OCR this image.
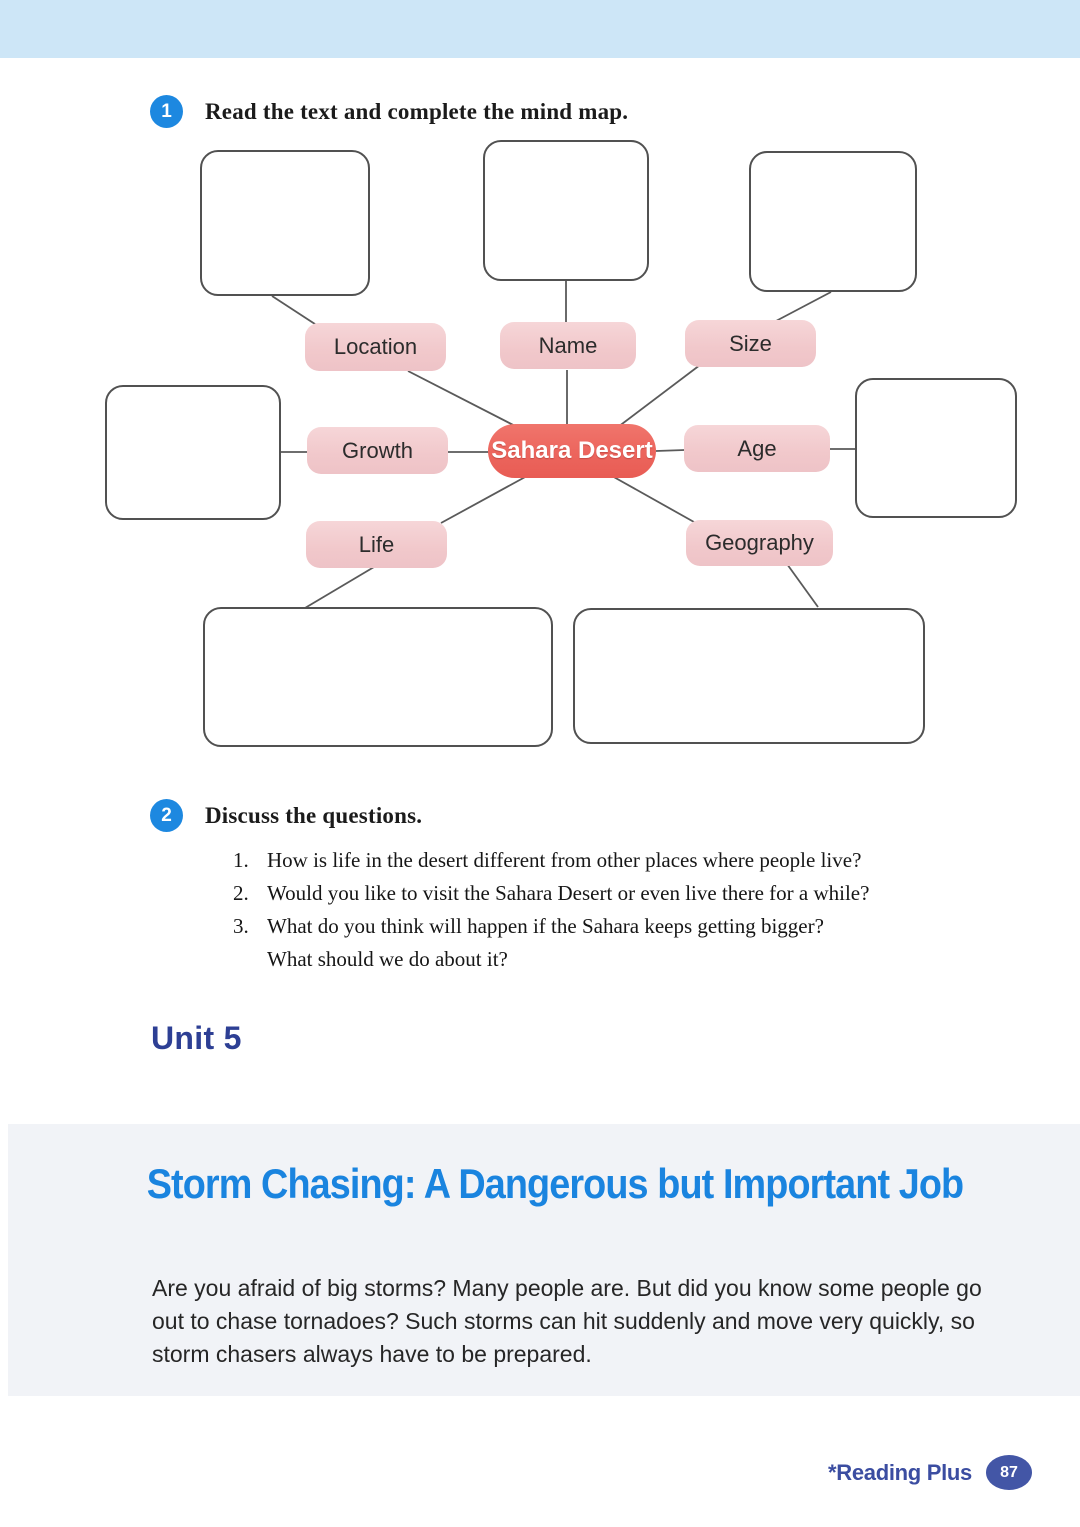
1	Read the text and complete the mind map.
Location	Name	Size
Growth	Age
Life	Geography
Sahara Desert
2	Discuss the questions.
1. How is life in the desert different from other places where people live?
2. Would you like to visit the Sahara Desert or even live there for a while?
3. What do you think will happen if the Sahara keeps getting bigger?
What should we do about it?
Unit 5
Storm Chasing: A Dangerous but Important Job
Are you afraid of big storms? Many people are. But did you know some people go out to chase tornadoes? Such storms can hit suddenly and move very quickly, so storm chasers always have to be prepared.
*Reading Plus	87
